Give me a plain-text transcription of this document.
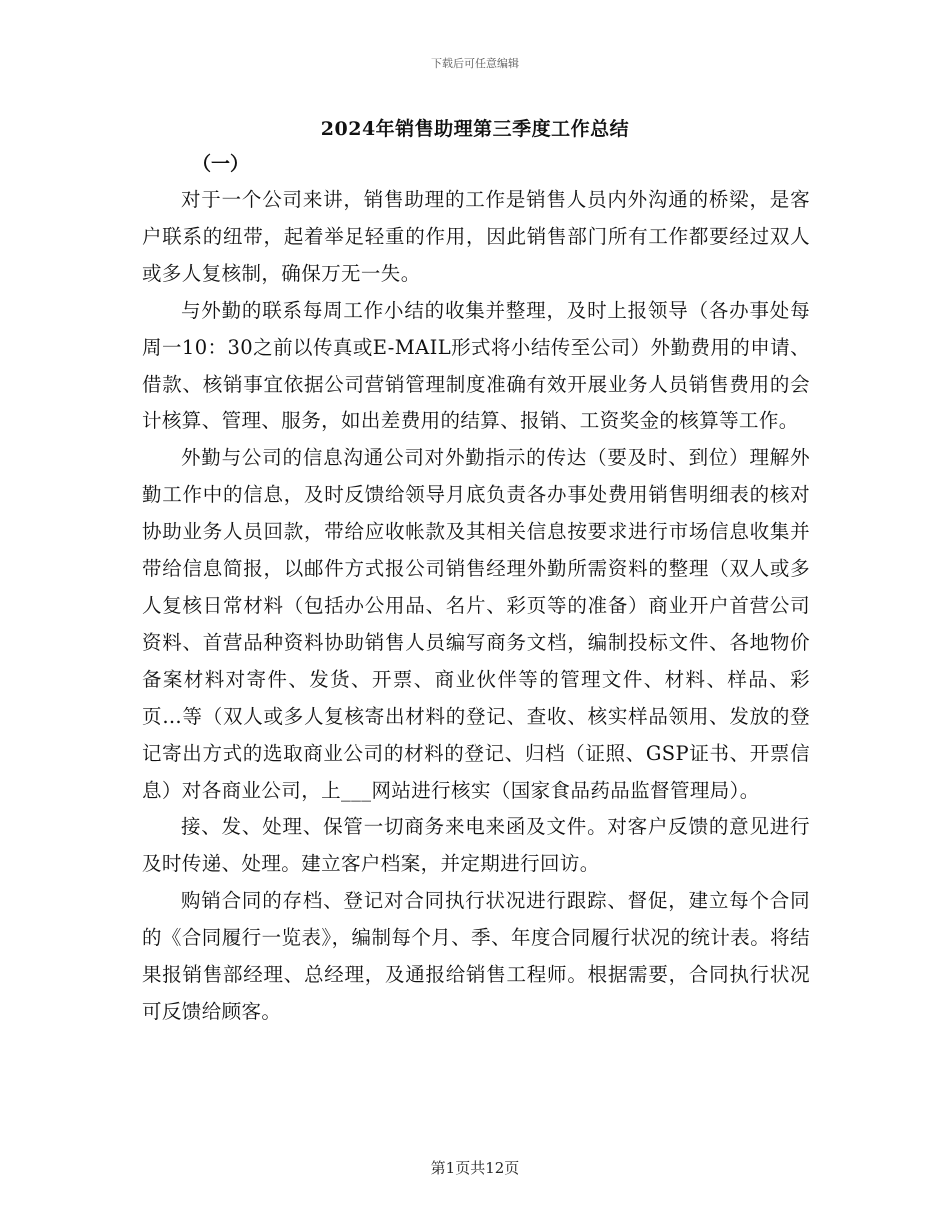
下载后可任意编辑
2024年销售助理第三季度工作总结
（一）

对于一个公司来讲，销售助理的工作是销售人员内外沟通的桥梁，是客户联系的纽带，起着举足轻重的作用，因此销售部门所有工作都要经过双人或多人复核制，确保万无一失。

与外勤的联系每周工作小结的收集并整理，及时上报领导（各办事处每周一10：30之前以传真或E-MAIL形式将小结传至公司）外勤费用的申请、借款、核销事宜依据公司营销管理制度准确有效开展业务人员销售费用的会计核算、管理、服务，如出差费用的结算、报销、工资奖金的核算等工作。

外勤与公司的信息沟通公司对外勤指示的传达（要及时、到位）理解外勤工作中的信息，及时反馈给领导月底负责各办事处费用销售明细表的核对协助业务人员回款，带给应收帐款及其相关信息按要求进行市场信息收集并带给信息简报，以邮件方式报公司销售经理外勤所需资料的整理（双人或多人复核日常材料（包括办公用品、名片、彩页等的准备）商业开户首营公司资料、首营品种资料协助销售人员编写商务文档，编制投标文件、各地物价备案材料对寄件、发货、开票、商业伙伴等的管理文件、材料、样品、彩页…等（双人或多人复核寄出材料的登记、查收、核实样品领用、发放的登记寄出方式的选取商业公司的材料的登记、归档（证照、GSP证书、开票信息）对各商业公司，上___网站进行核实（国家食品药品监督管理局）。

接、发、处理、保管一切商务来电来函及文件。对客户反馈的意见进行及时传递、处理。建立客户档案，并定期进行回访。

购销合同的存档、登记对合同执行状况进行跟踪、督促，建立每个合同的《合同履行一览表》，编制每个月、季、年度合同履行状况的统计表。将结果报销售部经理、总经理，及通报给销售工程师。根据需要，合同执行状况可反馈给顾客。

第1页共12页
